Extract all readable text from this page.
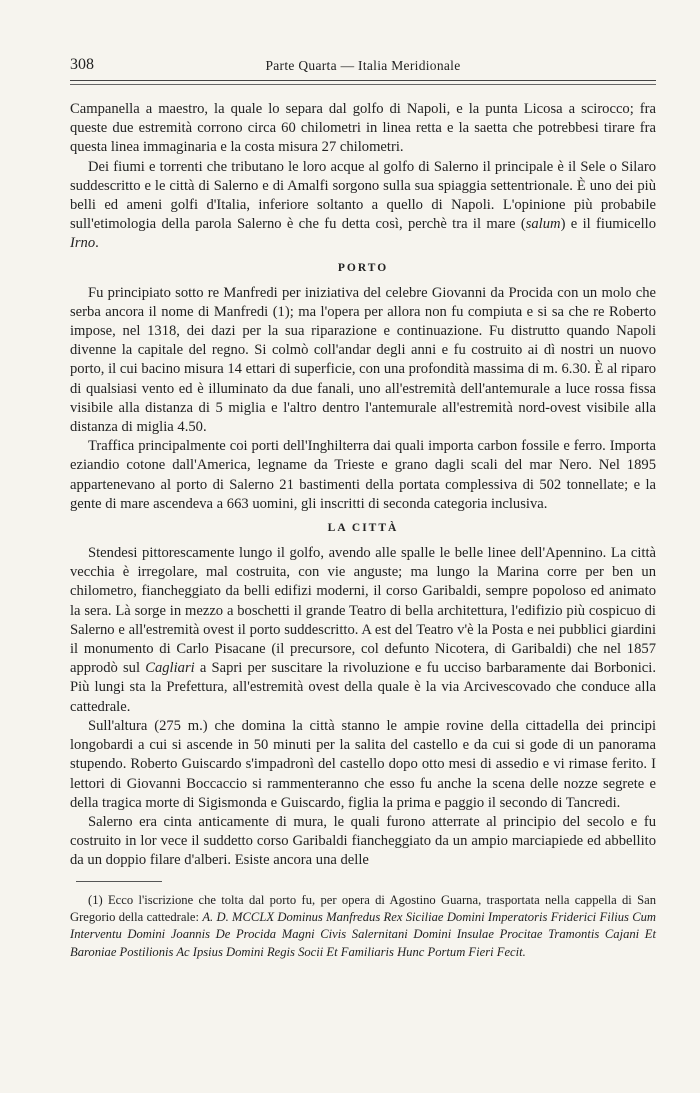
308	Parte Quarta — Italia Meridionale

Campanella a maestro, la quale lo separa dal golfo di Napoli, e la punta Licosa a scirocco; fra queste due estremità corrono circa 60 chilometri in linea retta e la saetta che potrebbesi tirare fra questa linea immaginaria e la costa misura 27 chilometri.

Dei fiumi e torrenti che tributano le loro acque al golfo di Salerno il principale è il Sele o Silaro suddescritto e le città di Salerno e di Amalfi sorgono sulla sua spiaggia settentrionale. È uno dei più belli ed ameni golfi d'Italia, inferiore soltanto a quello di Napoli. L'opinione più probabile sull'etimologia della parola Salerno è che fu detta così, perchè tra il mare (salum) e il fiumicello Irno.

PORTO

Fu principiato sotto re Manfredi per iniziativa del celebre Giovanni da Procida con un molo che serba ancora il nome di Manfredi (1); ma l'opera per allora non fu compiuta e si sa che re Roberto impose, nel 1318, dei dazi per la sua riparazione e continuazione. Fu distrutto quando Napoli divenne la capitale del regno. Si colmò coll'andar degli anni e fu costruito ai dì nostri un nuovo porto, il cui bacino misura 14 ettari di superficie, con una profondità massima di m. 6.30. È al riparo di qualsiasi vento ed è illuminato da due fanali, uno all'estremità dell'antemurale a luce rossa fissa visibile alla distanza di 5 miglia e l'altro dentro l'antemurale all'estremità nord-ovest visibile alla distanza di miglia 4.50.

Traffica principalmente coi porti dell'Inghilterra dai quali importa carbon fossile e ferro. Importa eziandio cotone dall'America, legname da Trieste e grano dagli scali del mar Nero. Nel 1895 appartenevano al porto di Salerno 21 bastimenti della portata complessiva di 502 tonnellate; e la gente di mare ascendeva a 663 uomini, gli inscritti di seconda categoria inclusiva.

LA CITTÀ

Stendesi pittorescamente lungo il golfo, avendo alle spalle le belle linee dell'Apennino. La città vecchia è irregolare, mal costruita, con vie anguste; ma lungo la Marina corre per ben un chilometro, fiancheggiato da belli edifizi moderni, il corso Garibaldi, sempre popoloso ed animato la sera. Là sorge in mezzo a boschetti il grande Teatro di bella architettura, l'edifizio più cospicuo di Salerno e all'estremità ovest il porto suddescritto. A est del Teatro v'è la Posta e nei pubblici giardini il monumento di Carlo Pisacane (il precursore, col defunto Nicotera, di Garibaldi) che nel 1857 approdò sul Cagliari a Sapri per suscitare la rivoluzione e fu ucciso barbaramente dai Borbonici. Più lungi sta la Prefettura, all'estremità ovest della quale è la via Arcivescovado che conduce alla cattedrale.

Sull'altura (275 m.) che domina la città stanno le ampie rovine della cittadella dei principi longobardi a cui si ascende in 50 minuti per la salita del castello e da cui si gode di un panorama stupendo. Roberto Guiscardo s'impadronì del castello dopo otto mesi di assedio e vi rimase ferito. I lettori di Giovanni Boccaccio si rammenteranno che esso fu anche la scena delle nozze segrete e della tragica morte di Sigismonda e Guiscardo, figlia la prima e paggio il secondo di Tancredi.

Salerno era cinta anticamente di mura, le quali furono atterrate al principio del secolo e fu costruito in lor vece il suddetto corso Garibaldi fiancheggiato da un ampio marciapiede ed abbellito da un doppio filare d'alberi. Esiste ancora una delle

(1) Ecco l'iscrizione che tolta dal porto fu, per opera di Agostino Guarna, trasportata nella cappella di San Gregorio della cattedrale: A. D. MCCLX Dominus Manfredus Rex Siciliae Domini Imperatoris Friderici Filius Cum Interventu Domini Joannis De Procida Magni Civis Salernitani Domini Insulae Procitae Tramontis Cajani Et Baroniae Postilionis Ac Ipsius Domini Regis Socii Et Familiaris Hunc Portum Fieri Fecit.
